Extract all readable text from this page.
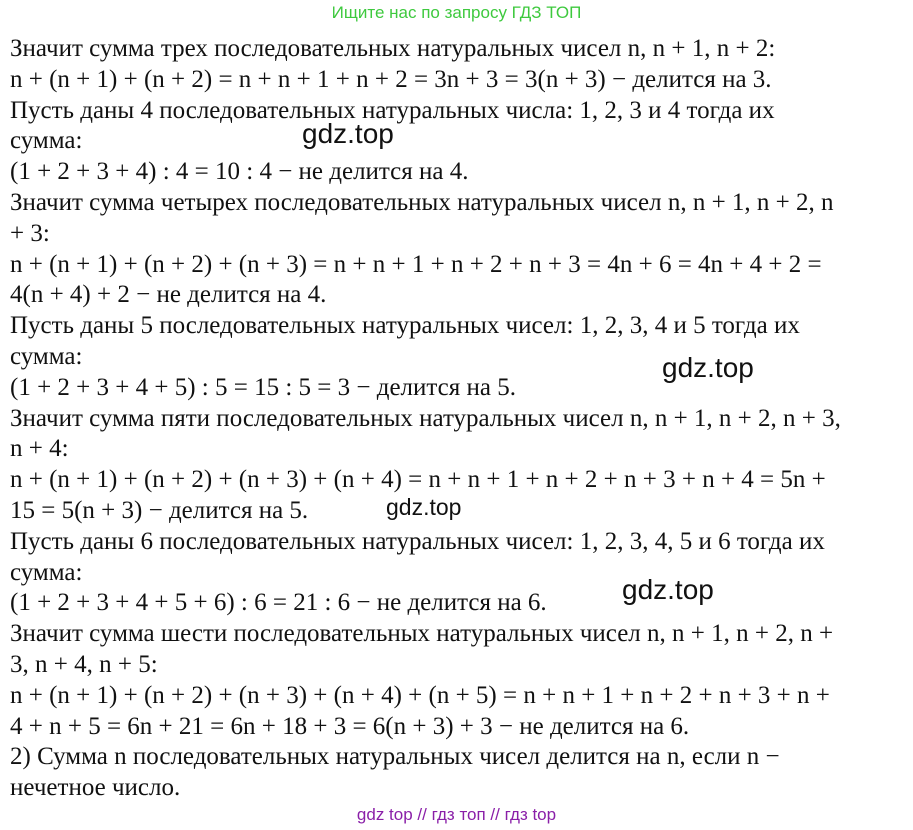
Ищите нас по запросу ГДЗ ТОП
Значит сумма трех последовательных натуральных чисел n, n + 1, n + 2:
n + (n + 1) + (n + 2) = n + n + 1 + n + 2 = 3n + 3 = 3(n + 3) − делится на 3.
Пусть даны 4 последовательных натуральных числа: 1, 2, 3 и 4 тогда их
сумма:
(1 + 2 + 3 + 4) : 4 = 10 : 4 − не делится на 4.
Значит сумма четырех последовательных натуральных чисел n, n + 1, n + 2, n
+ 3:
n + (n + 1) + (n + 2) + (n + 3) = n + n + 1 + n + 2 + n + 3 = 4n + 6 = 4n + 4 + 2 =
4(n + 4) + 2 − не делится на 4.
Пусть даны 5 последовательных натуральных чисел: 1, 2, 3, 4 и 5 тогда их
сумма:
(1 + 2 + 3 + 4 + 5) : 5 = 15 : 5 = 3 − делится на 5.
Значит сумма пяти последовательных натуральных чисел n, n + 1, n + 2, n + 3,
n + 4:
n + (n + 1) + (n + 2) + (n + 3) + (n + 4) = n + n + 1 + n + 2 + n + 3 + n + 4 = 5n +
15 = 5(n + 3) − делится на 5.
Пусть даны 6 последовательных натуральных чисел: 1, 2, 3, 4, 5 и 6 тогда их
сумма:
(1 + 2 + 3 + 4 + 5 + 6) : 6 = 21 : 6 − не делится на 6.
Значит сумма шести последовательных натуральных чисел n, n + 1, n + 2, n +
3, n + 4, n + 5:
n + (n + 1) + (n + 2) + (n + 3) + (n + 4) + (n + 5) = n + n + 1 + n + 2 + n + 3 + n +
4 + n + 5 = 6n + 21 = 6n + 18 + 3 = 6(n + 3) + 3 − не делится на 6.
2) Сумма n последовательных натуральных чисел делится на n, если n −
нечетное число.
gdz.top
gdz.top
gdz.top
gdz.top
gdz top // гдз топ // гдз top
